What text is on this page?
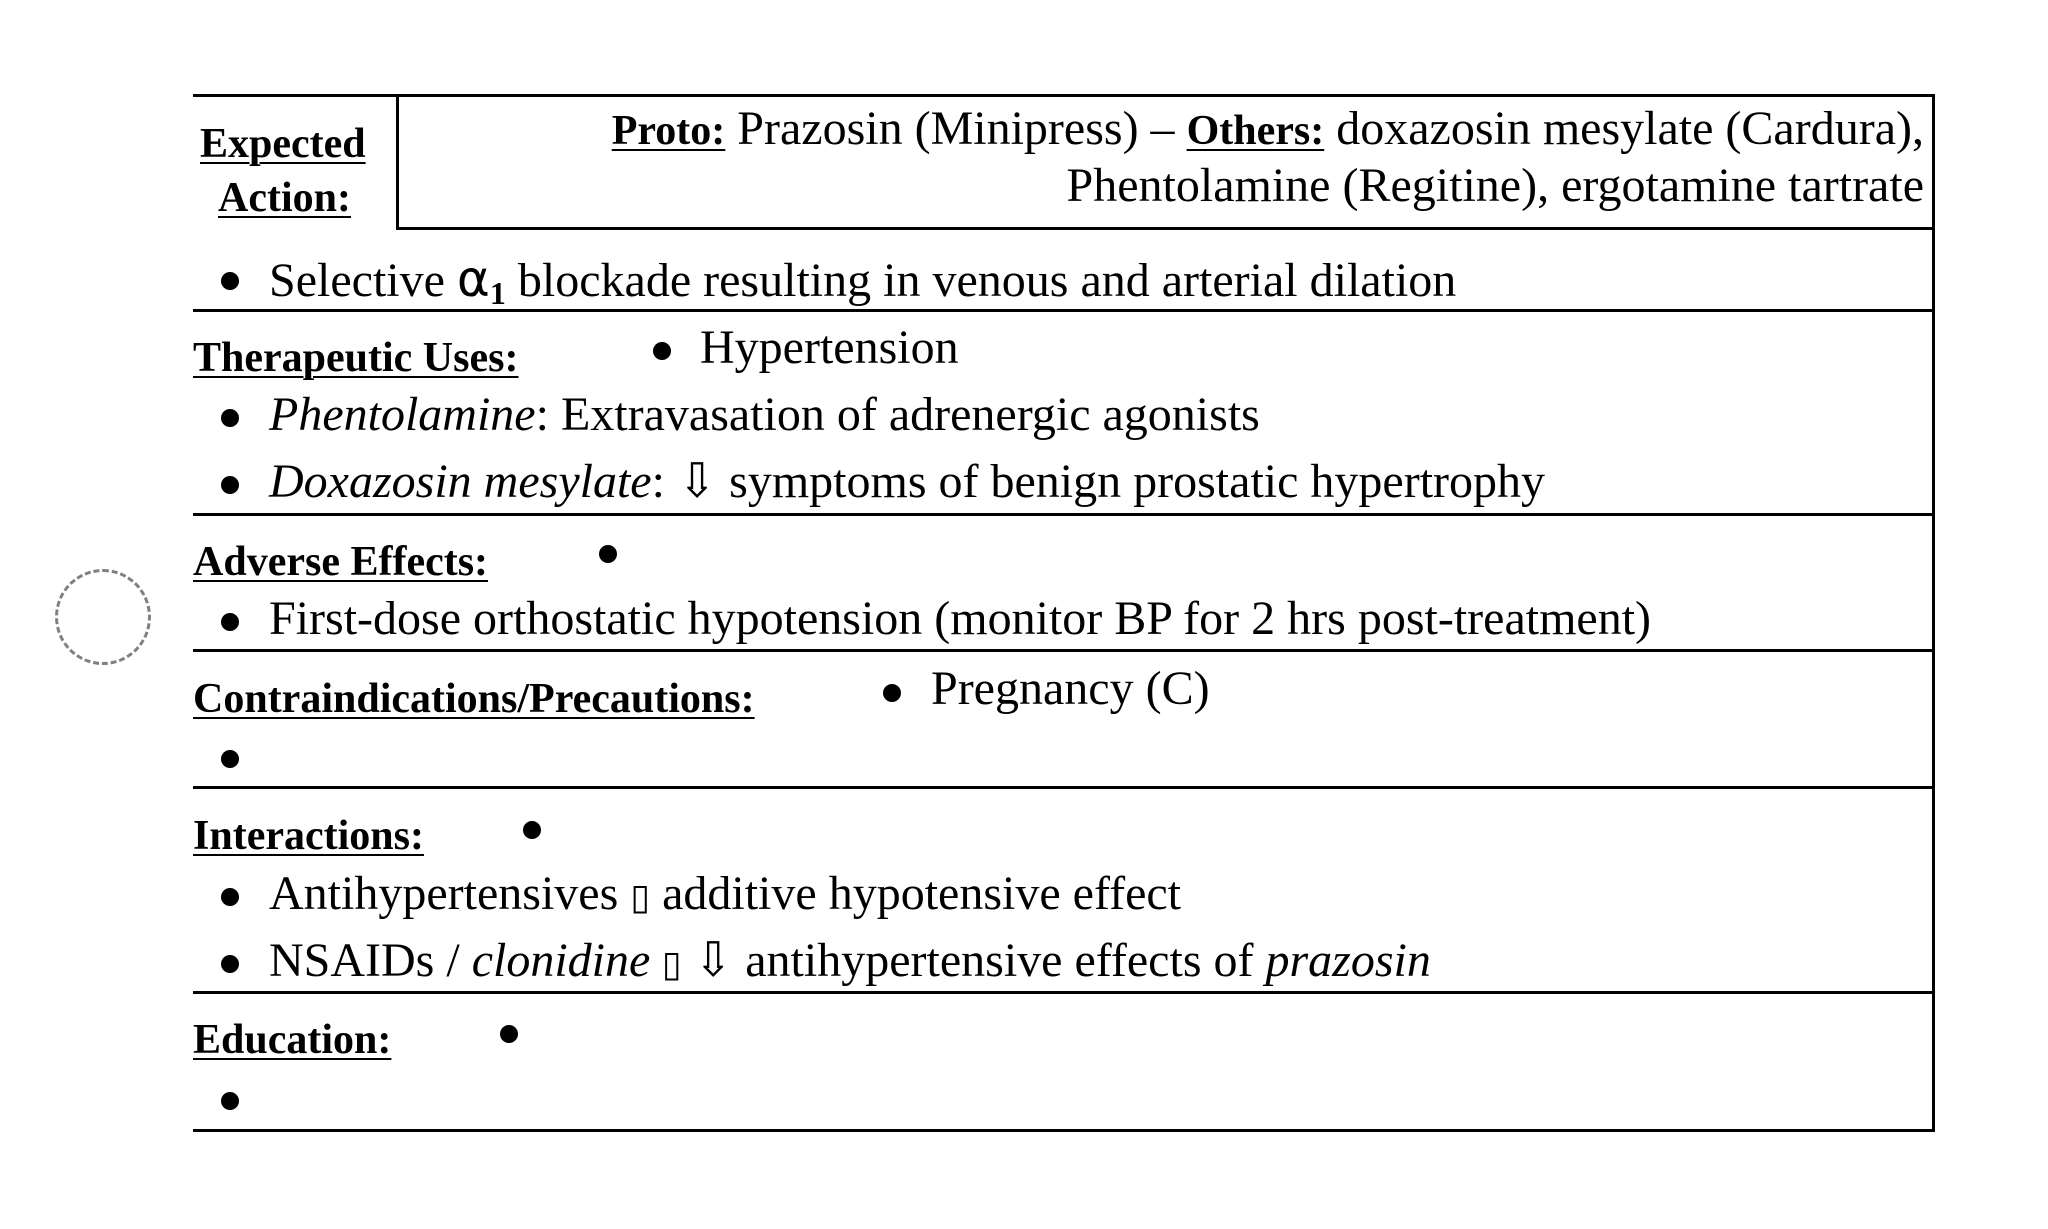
Expected
Action:
Proto: Prazosin (Minipress) – Others: doxazosin mesylate (Cardura),
Phentolamine (Regitine), ergotamine tartrate
Selective α1 blockade resulting in venous and arterial dilation
Therapeutic Uses:	Hypertension
Phentolamine: Extravasation of adrenergic agonists
Doxazosin mesylate: ⇩ symptoms of benign prostatic hypertrophy
Adverse Effects:
First-dose orthostatic hypotension (monitor BP for 2 hrs post-treatment)
Contraindications/Precautions:	Pregnancy (C)
Interactions:
Antihypertensives ▯ additive hypotensive effect
NSAIDs / clonidine ▯ ⇩ antihypertensive effects of prazosin
Education:
